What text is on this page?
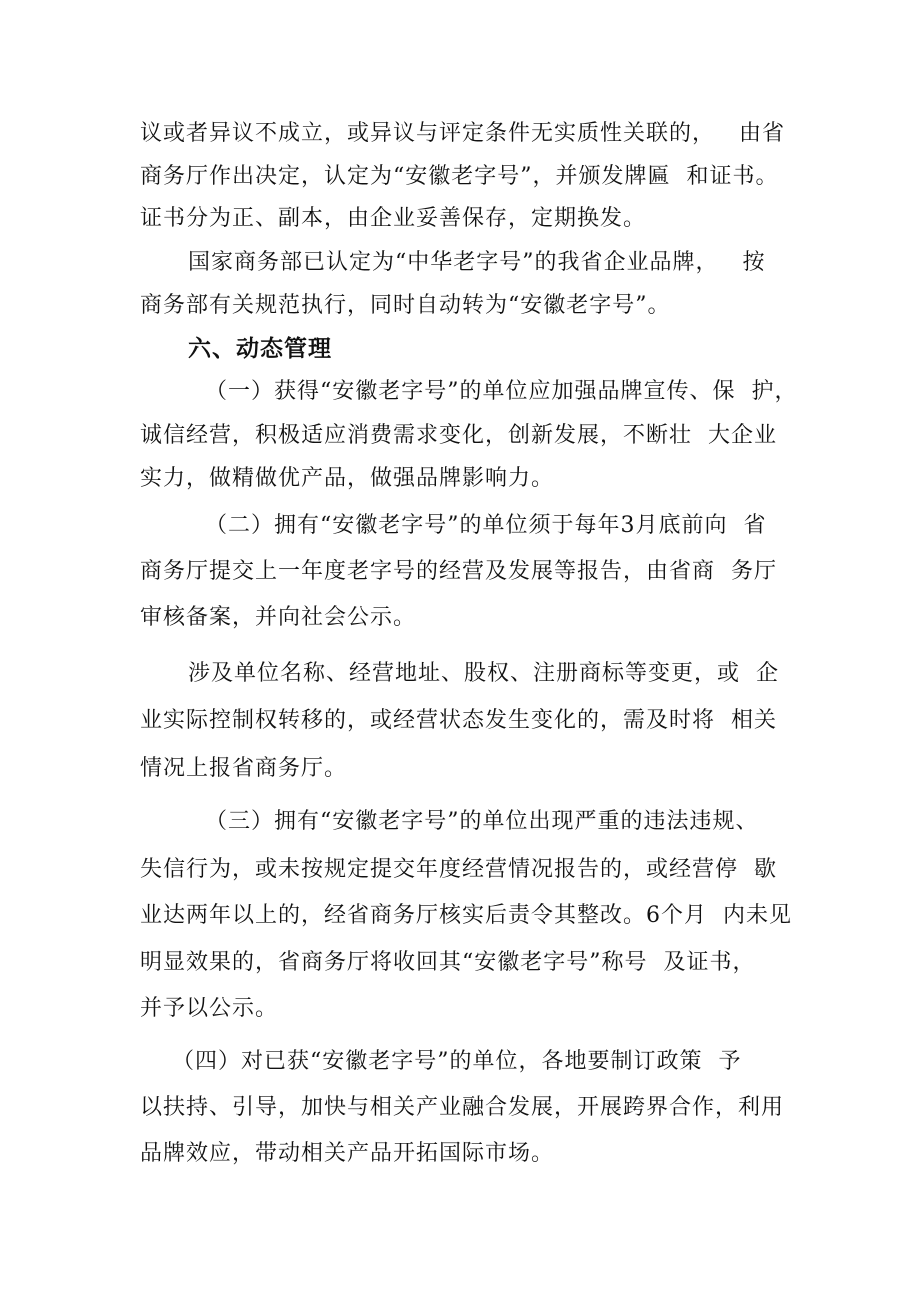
议或者异议不成立，或异议与评定条件无实质性关联的，   由省
商务厅作出决定，认定为“安徽老字号”，并颁发牌匾  和证书。
证书分为正、副本，由企业妥善保存，定期换发。
国家商务部已认定为“中华老字号”的我省企业品牌，   按
商务部有关规范执行，同时自动转为“安徽老字号”。
六、动态管理
（一）获得“安徽老字号”的单位应加强品牌宣传、保  护，
诚信经营，积极适应消费需求变化，创新发展，不断壮  大企业
实力，做精做优产品，做强品牌影响力。
（二）拥有“安徽老字号”的单位须于每年3月底前向  省
商务厅提交上一年度老字号的经营及发展等报告，由省商  务厅
审核备案，并向社会公示。
涉及单位名称、经营地址、股权、注册商标等变更，或  企
业实际控制权转移的，或经营状态发生变化的，需及时将  相关
情况上报省商务厅。
（三）拥有“安徽老字号”的单位出现严重的违法违规、
失信行为，或未按规定提交年度经营情况报告的，或经营停  歇
业达两年以上的，经省商务厅核实后责令其整改。6个月  内未见
明显效果的，省商务厅将收回其“安徽老字号”称号  及证书，
并予以公示。
（四）对已获“安徽老字号”的单位，各地要制订政策  予
以扶持、引导，加快与相关产业融合发展，开展跨界合作，利用
品牌效应，带动相关产品开拓国际市场。
